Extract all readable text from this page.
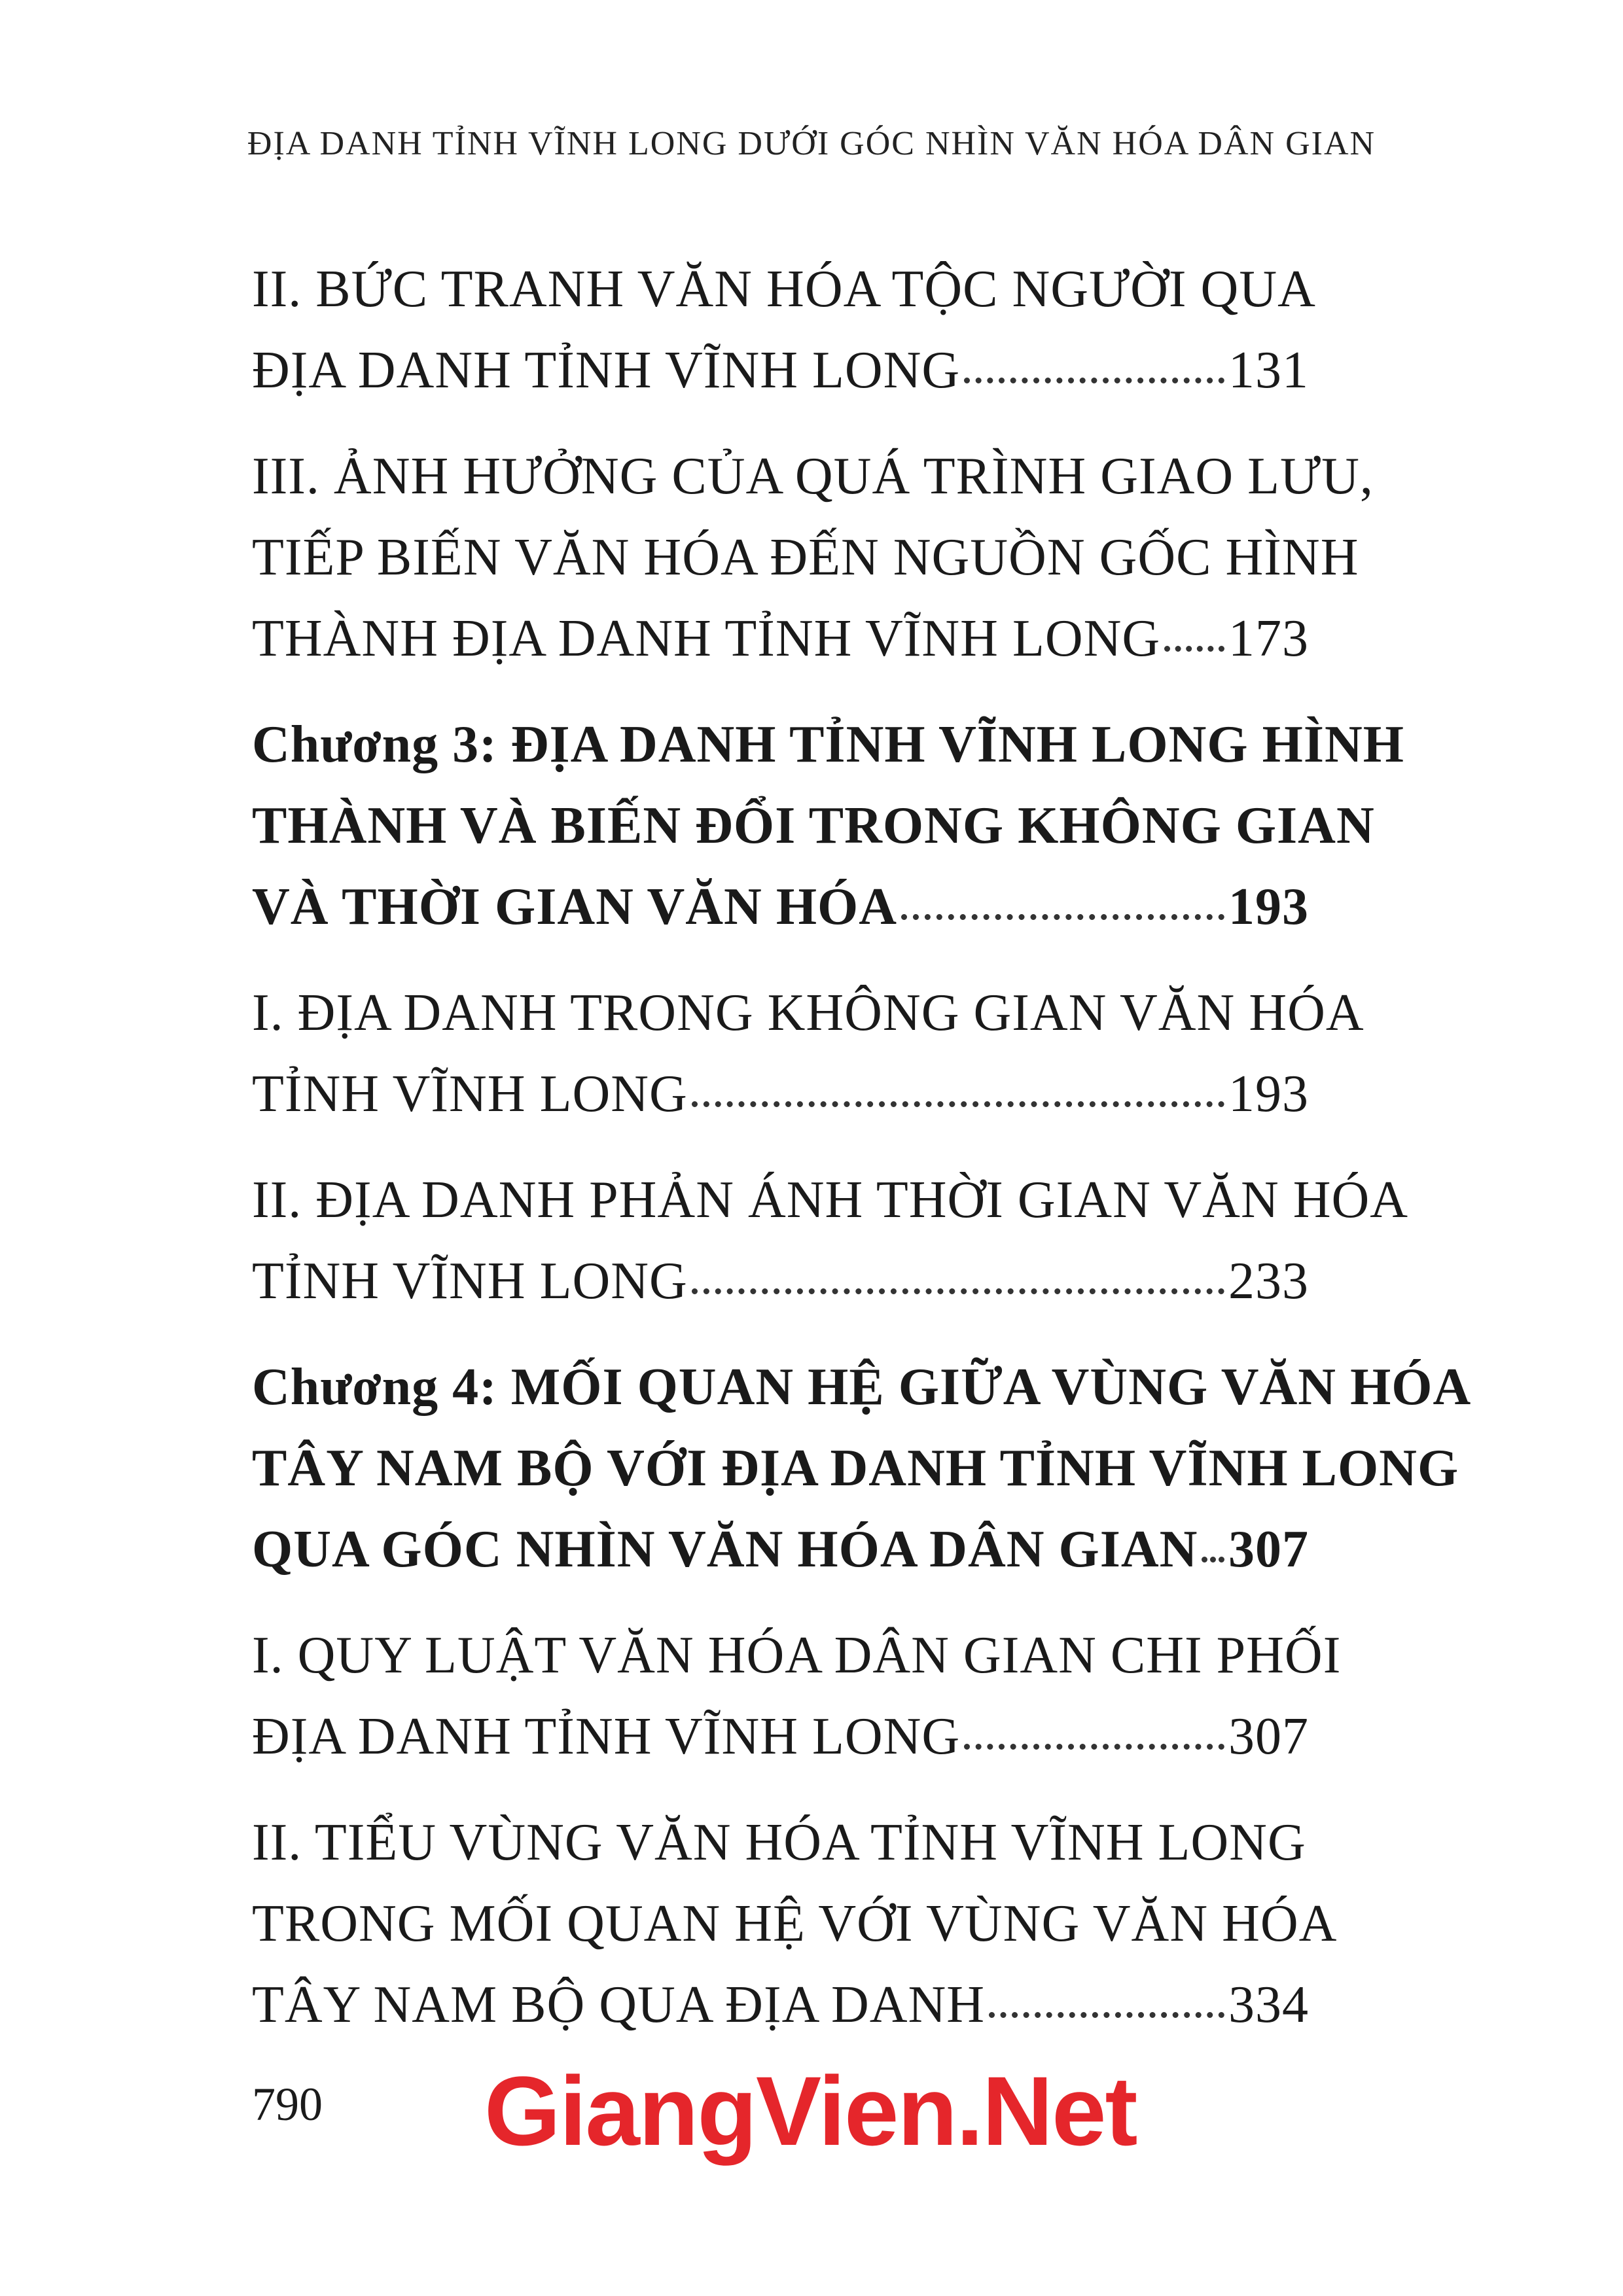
ĐỊA DANH TỈNH VĨNH LONG DƯỚI GÓC NHÌN VĂN HÓA DÂN GIAN
II. BỨC TRANH VĂN HÓA TỘC NGƯỜI QUA
ĐỊA DANH TỈNH VĨNH LONG	131
III. ẢNH HƯỞNG CỦA QUÁ TRÌNH GIAO LƯU,
TIẾP BIẾN VĂN HÓA ĐẾN NGUỒN GỐC HÌNH
THÀNH ĐỊA DANH TỈNH VĨNH LONG 173
Chương 3: ĐỊA DANH TỈNH VĨNH LONG HÌNH
THÀNH VÀ BIẾN ĐỔI TRONG KHÔNG GIAN
VÀ THỜI GIAN VĂN HÓA	193
I. ĐỊA DANH TRONG KHÔNG GIAN VĂN HÓA
TỈNH VĨNH LONG	193
II. ĐỊA DANH PHẢN ÁNH THỜI GIAN VĂN HÓA
TỈNH VĨNH LONG	233
Chương 4: MỐI QUAN HỆ GIỮA VÙNG VĂN HÓA
TÂY NAM BỘ VỚI ĐỊA DANH TỈNH VĨNH LONG
QUA GÓC NHÌN VĂN HÓA DÂN GIAN 307
I. QUY LUẬT VĂN HÓA DÂN GIAN CHI PHỐI
ĐỊA DANH TỈNH VĨNH LONG	307
II. TIỂU VÙNG VĂN HÓA TỈNH VĨNH LONG
TRONG MỐI QUAN HỆ VỚI VÙNG VĂN HÓA
TÂY NAM BỘ QUA ĐỊA DANH	334
790 GiangVien.Net
